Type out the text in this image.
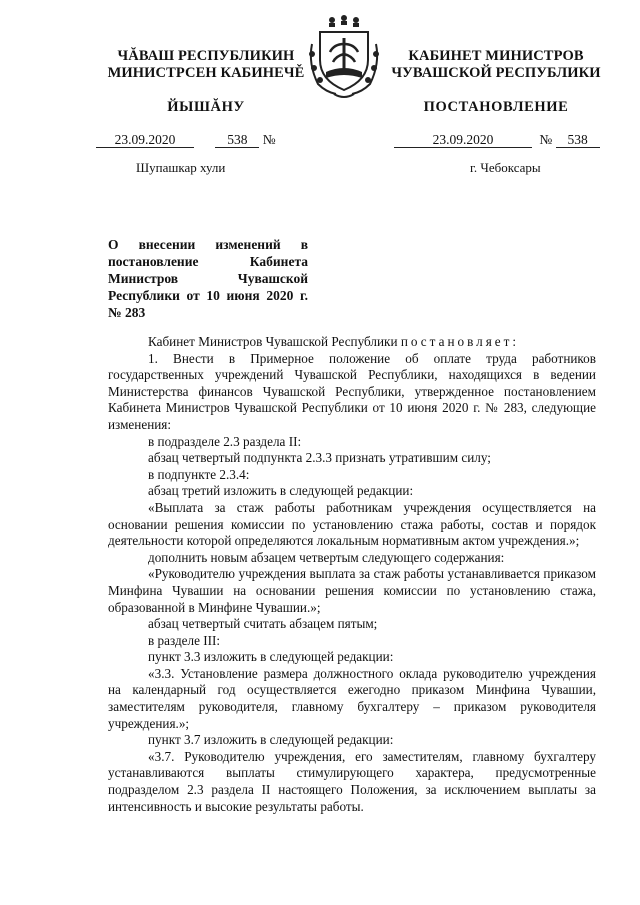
ЧĂВАШ РЕСПУБЛИКИН
МИНИСТРСЕН КАБИНЕЧĚ
КАБИНЕТ МИНИСТРОВ
ЧУВАШСКОЙ РЕСПУБЛИКИ
ЙЫШĂНУ	ПОСТАНОВЛЕНИЕ
23.09.2020	538 №	23.09.2020	№ 538
Шупашкар хули	г. Чебоксары
О внесении изменений в постановление Кабинета Министров Чувашской Республики от 10 июня 2020 г. № 283

Кабинет Министров Чувашской Республики постановляет:

1. Внести в Примерное положение об оплате труда работников государственных учреждений Чувашской Республики, находящихся в ведении Министерства финансов Чувашской Республики, утвержденное постановлением Кабинета Министров Чувашской Республики от 10 июня 2020 г. № 283, следующие изменения:

в подразделе 2.3 раздела II:

абзац четвертый подпункта 2.3.3 признать утратившим силу;

в подпункте 2.3.4:

абзац третий изложить в следующей редакции:

«Выплата за стаж работы работникам учреждения осуществляется на основании решения комиссии по установлению стажа работы, состав и порядок деятельности которой определяются локальным нормативным актом учреждения.»;

дополнить новым абзацем четвертым следующего содержания:

«Руководителю учреждения выплата за стаж работы устанавливается приказом Минфина Чувашии на основании решения комиссии по установлению стажа, образованной в Минфине Чувашии.»;

абзац четвертый считать абзацем пятым;

в разделе III:

пункт 3.3 изложить в следующей редакции:

«3.3. Установление размера должностного оклада руководителю учреждения на календарный год осуществляется ежегодно приказом Минфина Чувашии, заместителям руководителя, главному бухгалтеру – приказом руководителя учреждения.»;

пункт 3.7 изложить в следующей редакции:

«3.7. Руководителю учреждения, его заместителям, главному бухгалтеру устанавливаются выплаты стимулирующего характера, предусмотренные подразделом 2.3 раздела II настоящего Положения, за исключением выплаты за интенсивность и высокие результаты работы.
